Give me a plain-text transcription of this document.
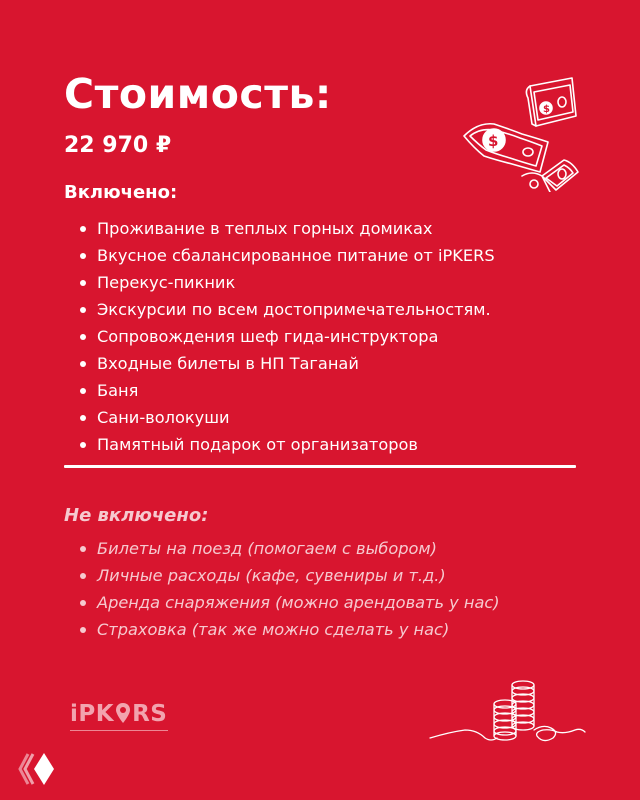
Стоимость:
22 970 ₽
$
$
Включено:
Проживание в теплых горных домиках
Вкусное сбалансированное питание от iPKERS
Перекус-пикник
Экскурсии по всем достопримечательностям.
Сопровождения шеф гида-инструктора
Входные билеты в НП Таганай
Баня
Сани-волокуши
Памятный подарок от организаторов
Не включено:
Билеты на поезд (помогаем с выбором)
Личные расходы (кафе, сувениры и т.д.)
Аренда снаряжения (можно арендовать у нас)
Страховка (так же можно сделать у нас)
iPK RS
